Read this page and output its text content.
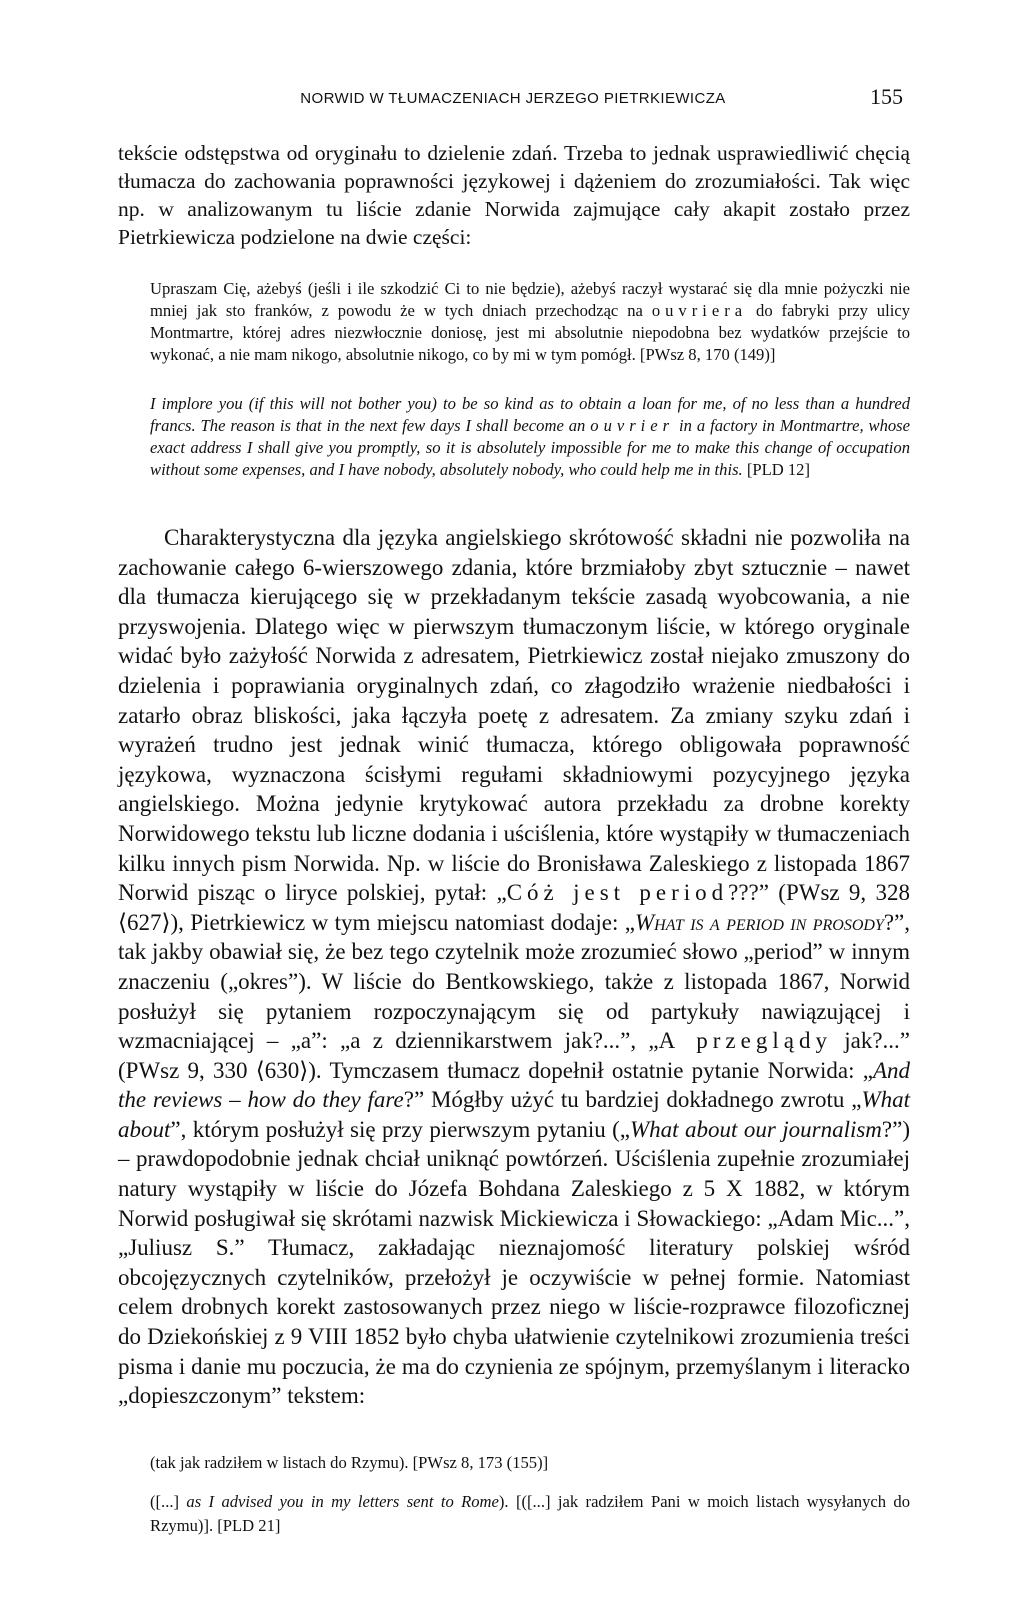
NORWID W TŁUMACZENIACH JERZEGO PIETRKIEWICZA	155

tekście odstępstwa od oryginału to dzielenie zdań. Trzeba to jednak usprawiedliwić chęcią tłumacza do zachowania poprawności językowej i dążeniem do zrozumiałości. Tak więc np. w analizowanym tu liście zdanie Norwida zajmujące cały akapit zostało przez Pietrkiewicza podzielone na dwie części:

Upraszam Cię, ażebyś (jeśli i ile szkodzić Ci to nie będzie), ażebyś raczył wystarać się dla mnie pożyczki nie mniej jak sto franków, z powodu że w tych dniach przechodząc na ouvriera do fabryki przy ulicy Montmartre, której adres niezwłocznie doniosę, jest mi absolutnie niepodobna bez wydatków przejście to wykonać, a nie mam nikogo, absolutnie nikogo, co by mi w tym pomógł. [PWsz 8, 170 (149)]

I implore you (if this will not bother you) to be so kind as to obtain a loan for me, of no less than a hundred francs. The reason is that in the next few days I shall become an ouvrier in a factory in Montmartre, whose exact address I shall give you promptly, so it is absolutely impossible for me to make this change of occupation without some expenses, and I have nobody, absolutely nobody, who could help me in this. [PLD 12]

Charakterystyczna dla języka angielskiego skrótowość składni nie pozwoliła na zachowanie całego 6-wierszowego zdania, które brzmiałoby zbyt sztucznie – nawet dla tłumacza kierującego się w przekładanym tekście zasadą wyobcowania, a nie przyswojenia. Dlatego więc w pierwszym tłumaczonym liście, w którego oryginale widać było zażyłość Norwida z adresatem, Pietrkiewicz został niejako zmuszony do dzielenia i poprawiania oryginalnych zdań, co złagodziło wrażenie niedbałości i zatarło obraz bliskości, jaka łączyła poetę z adresatem. Za zmiany szyku zdań i wyrażeń trudno jest jednak winić tłumacza, którego obligowała poprawność językowa, wyznaczona ścisłymi regułami składniowymi pozycyjnego języka angielskiego. Można jedynie krytykować autora przekładu za drobne korekty Norwidowego tekstu lub liczne dodania i uściślenia, które wystąpiły w tłumaczeniach kilku innych pism Norwida. Np. w liście do Bronisława Zaleskiego z listopada 1867 Norwid pisząc o liryce polskiej, pytał: „Cóż jest period???” (PWsz 9, 328 ⟨627⟩), Pietrkiewicz w tym miejscu natomiast dodaje: „What is a period in prosody?”, tak jakby obawiał się, że bez tego czytelnik może zrozumieć słowo „period” w innym znaczeniu („okres”). W liście do Bentkowskiego, także z listopada 1867, Norwid posłużył się pytaniem rozpoczynającym się od partykuły nawiązującej i wzmacniającej – „a”: „a z dziennikarstwem jak?...”, „A przeglądy jak?...” (PWsz 9, 330 ⟨630⟩). Tymczasem tłumacz dopełnił ostatnie pytanie Norwida: „And the reviews – how do they fare?” Mógłby użyć tu bardziej dokładnego zwrotu „What about”, którym posłużył się przy pierwszym pytaniu („What about our journalism?”) – prawdopodobnie jednak chciał uniknąć powtórzeń. Uściślenia zupełnie zrozumiałej natury wystąpiły w liście do Józefa Bohdana Zaleskiego z 5 X 1882, w którym Norwid posługiwał się skrótami nazwisk Mickiewicza i Słowackiego: „Adam Mic...”, „Juliusz S.” Tłumacz, zakładając nieznajomość literatury polskiej wśród obcojęzycznych czytelników, przełożył je oczywiście w pełnej formie. Natomiast celem drobnych korekt zastosowanych przez niego w liście-rozprawce filozoficznej do Dziekońskiej z 9 VIII 1852 było chyba ułatwienie czytelnikowi zrozumienia treści pisma i danie mu poczucia, że ma do czynienia ze spójnym, przemyślanym i literacko „dopieszczonym” tekstem:

(tak jak radziłem w listach do Rzymu). [PWsz 8, 173 (155)]

([...] as I advised you in my letters sent to Rome). [([...] jak radziłem Pani w moich listach wysyłanych do Rzymu)]. [PLD 21]
